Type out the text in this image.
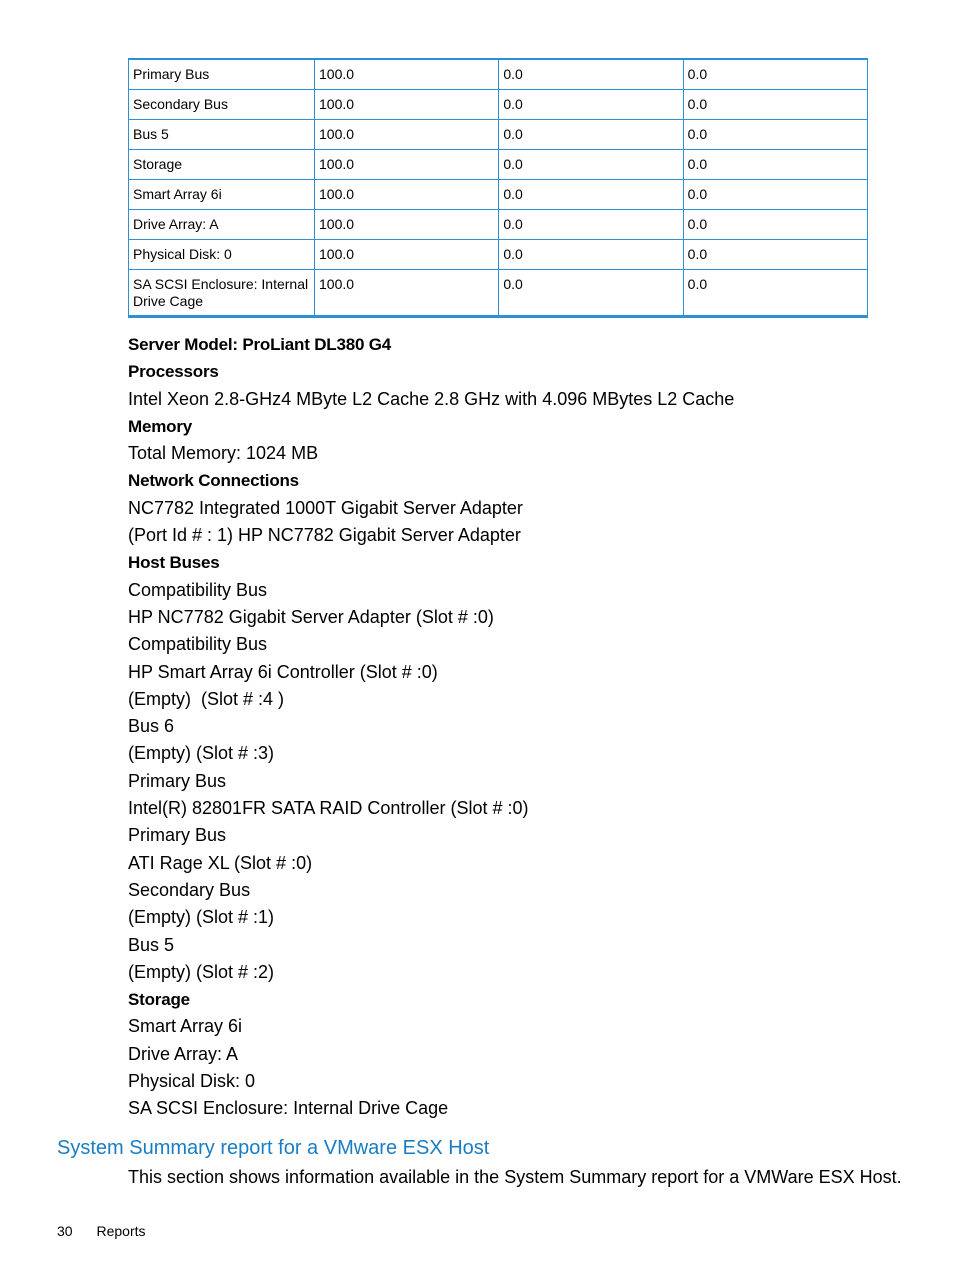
Primary Bus	100.0	0.0	0.0
Secondary Bus	100.0	0.0	0.0
Bus 5	100.0	0.0	0.0
Storage	100.0	0.0	0.0
Smart Array 6i	100.0	0.0	0.0
Drive Array: A	100.0	0.0	0.0
Physical Disk: 0	100.0	0.0	0.0
SA SCSI Enclosure: Internal Drive Cage	100.0	0.0	0.0
Server Model: ProLiant DL380 G4
Processors
Intel Xeon 2.8-GHz4 MByte L2 Cache 2.8 GHz with 4.096 MBytes L2 Cache
Memory
Total Memory: 1024 MB
Network Connections
NC7782 Integrated 1000T Gigabit Server Adapter
(Port Id # : 1) HP NC7782 Gigabit Server Adapter
Host Buses
Compatibility Bus
HP NC7782 Gigabit Server Adapter (Slot # :0)
Compatibility Bus
HP Smart Array 6i Controller (Slot # :0)
(Empty)  (Slot # :4 )
Bus 6
(Empty) (Slot # :3)
Primary Bus
Intel(R) 82801FR SATA RAID Controller (Slot # :0)
Primary Bus
ATI Rage XL (Slot # :0)
Secondary Bus
(Empty) (Slot # :1)
Bus 5
(Empty) (Slot # :2)
Storage
Smart Array 6i
Drive Array: A
Physical Disk: 0
SA SCSI Enclosure: Internal Drive Cage
System Summary report for a VMware ESX Host
This section shows information available in the System Summary report for a VMWare ESX Host.
30 Reports
